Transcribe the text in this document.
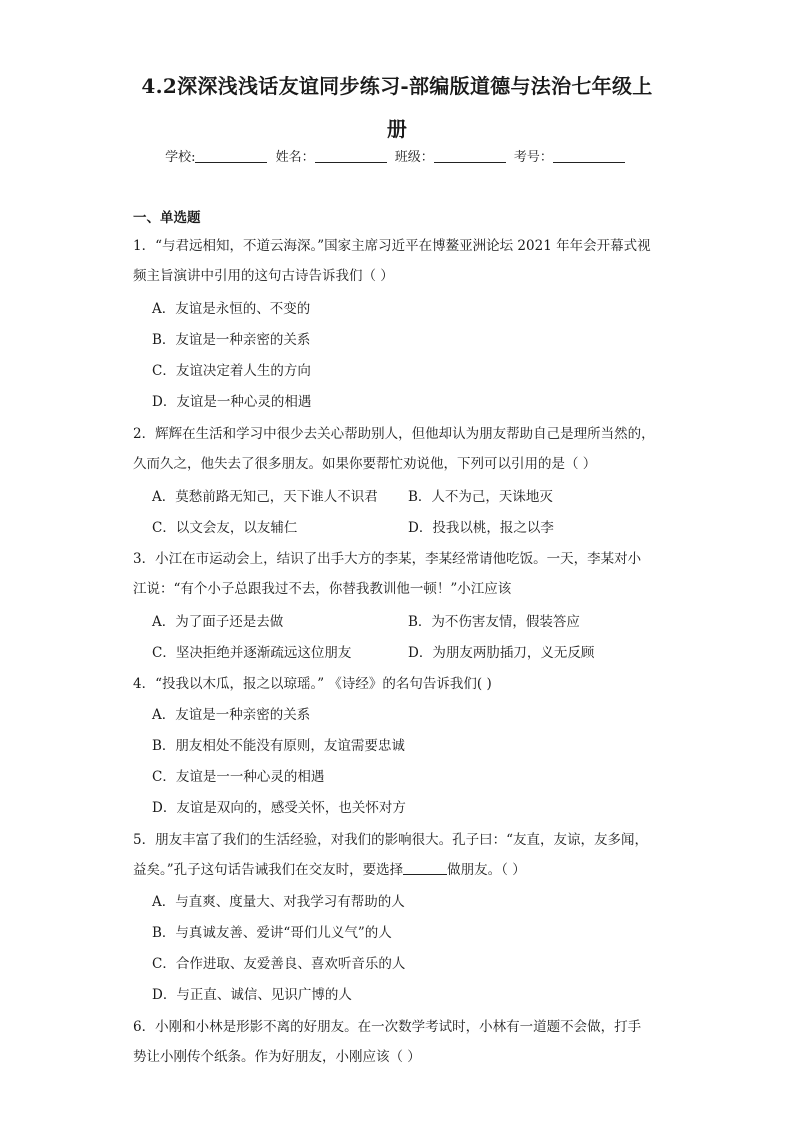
4.2深深浅浅话友谊同步练习-部编版道德与法治七年级上
册
学校:	姓名：	班级：	考号：
一、单选题
1．“与君远相知，不道云海深。”国家主席习近平在博鳌亚洲论坛 2021 年年会开幕式视
频主旨演讲中引用的这句古诗告诉我们（ ）
A．友谊是永恒的、不变的
B．友谊是一种亲密的关系
C．友谊决定着人生的方向
D．友谊是一种心灵的相遇
2．辉辉在生活和学习中很少去关心帮助别人，但他却认为朋友帮助自己是理所当然的，
久而久之，他失去了很多朋友。如果你要帮忙劝说他，下列可以引用的是（ ）
A．莫愁前路无知己，天下谁人不识君 B．人不为己，天诛地灭
C．以文会友，以友辅仁	D．投我以桃，报之以李
3．小江在市运动会上，结识了出手大方的李某，李某经常请他吃饭。一天，李某对小
江说：“有个小子总跟我过不去，你替我教训他一顿！”小江应该
A．为了面子还是去做	B．为不伤害友情，假装答应
C．坚决拒绝并逐渐疏远这位朋友	D．为朋友两肋插刀，义无反顾
4．“投我以木瓜，报之以琼瑶。” 《诗经》的名句告诉我们( )
A．友谊是一种亲密的关系
B．朋友相处不能没有原则，友谊需要忠诚
C．友谊是一一种心灵的相遇
D．友谊是双向的，感受关怀，也关怀对方
5．朋友丰富了我们的生活经验，对我们的影响很大。孔子曰：“友直，友谅，友多闻，
益矣。”孔子这句话告诫我们在交友时，要选择	做朋友。（ ）
A．与直爽、度量大、对我学习有帮助的人
B．与真诚友善、爱讲“哥们儿义气”的人
C．合作进取、友爱善良、喜欢听音乐的人
D．与正直、诚信、见识广博的人
6．小刚和小林是形影不离的好朋友。在一次数学考试时，小林有一道题不会做，打手
势让小刚传个纸条。作为好朋友，小刚应该（ ）
